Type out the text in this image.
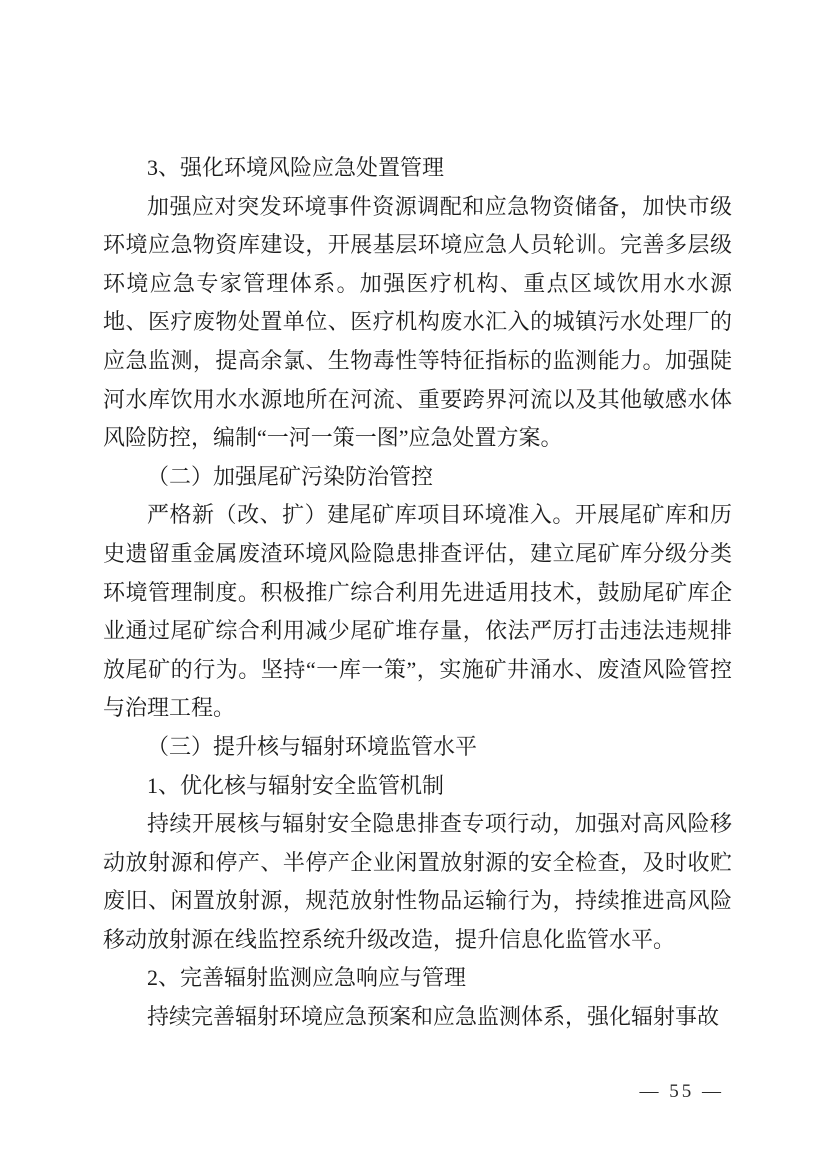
3、强化环境风险应急处置管理

加强应对突发环境事件资源调配和应急物资储备，加快市级环境应急物资库建设，开展基层环境应急人员轮训。完善多层级环境应急专家管理体系。加强医疗机构、重点区域饮用水水源地、医疗废物处置单位、医疗机构废水汇入的城镇污水处理厂的应急监测，提高余氯、生物毒性等特征指标的监测能力。加强陡河水库饮用水水源地所在河流、重要跨界河流以及其他敏感水体风险防控，编制“一河一策一图”应急处置方案。

（二）加强尾矿污染防治管控

严格新（改、扩）建尾矿库项目环境准入。开展尾矿库和历史遗留重金属废渣环境风险隐患排查评估，建立尾矿库分级分类环境管理制度。积极推广综合利用先进适用技术，鼓励尾矿库企业通过尾矿综合利用减少尾矿堆存量，依法严厉打击违法违规排放尾矿的行为。坚持“一库一策”，实施矿井涌水、废渣风险管控与治理工程。

（三）提升核与辐射环境监管水平

1、优化核与辐射安全监管机制

持续开展核与辐射安全隐患排查专项行动，加强对高风险移动放射源和停产、半停产企业闲置放射源的安全检查，及时收贮废旧、闲置放射源，规范放射性物品运输行为，持续推进高风险移动放射源在线监控系统升级改造，提升信息化监管水平。

2、完善辐射监测应急响应与管理

持续完善辐射环境应急预案和应急监测体系，强化辐射事故

— 55 —
